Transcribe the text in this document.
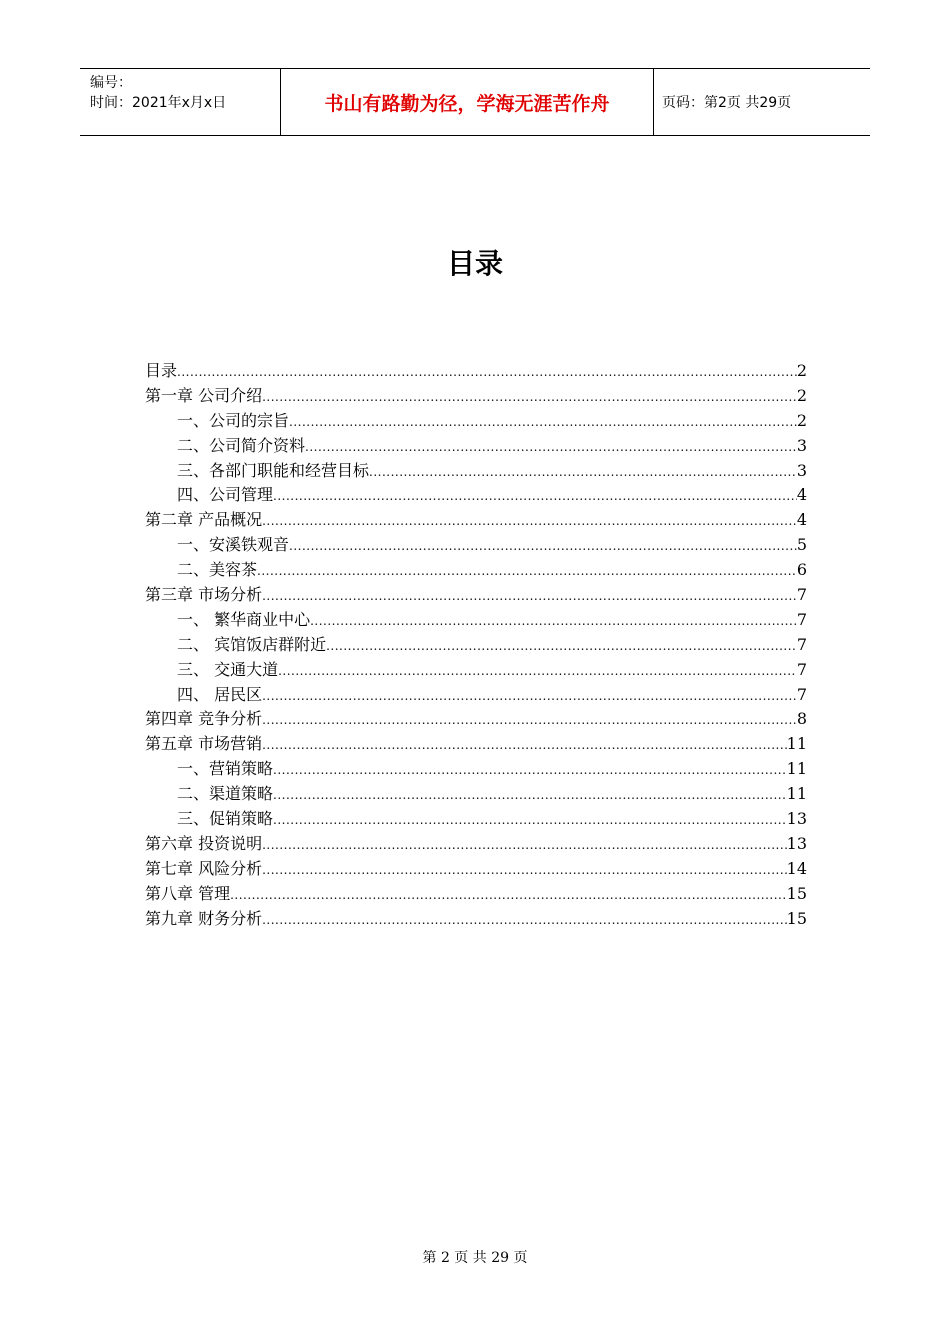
编号：
时间：2021年x月x日	书山有路勤为径，学海无涯苦作舟	页码：第2页 共29页
目录
目录 .....	2
第一章 公司介绍 .....	2
一、公司的宗旨 .....	2
二、公司简介资料 .....	3
三、各部门职能和经营目标 .....	3
四、公司管理 .....	4
第二章 产品概况 .....	4
一、安溪铁观音 .....	5
二、美容茶 .....	6
第三章 市场分析 .....	7
一、 繁华商业中心 .....	7
二、 宾馆饭店群附近 .....	7
三、 交通大道 .....	7
四、 居民区 .....	7
第四章 竞争分析 .....	8
第五章 市场营销 .....	11
一、营销策略 .....	11
二、渠道策略 .....	11
三、促销策略 .....	13
第六章 投资说明 .....	13
第七章 风险分析 .....	14
第八章 管理 .....	15
第九章 财务分析 .....	15
第 2 页 共 29 页
